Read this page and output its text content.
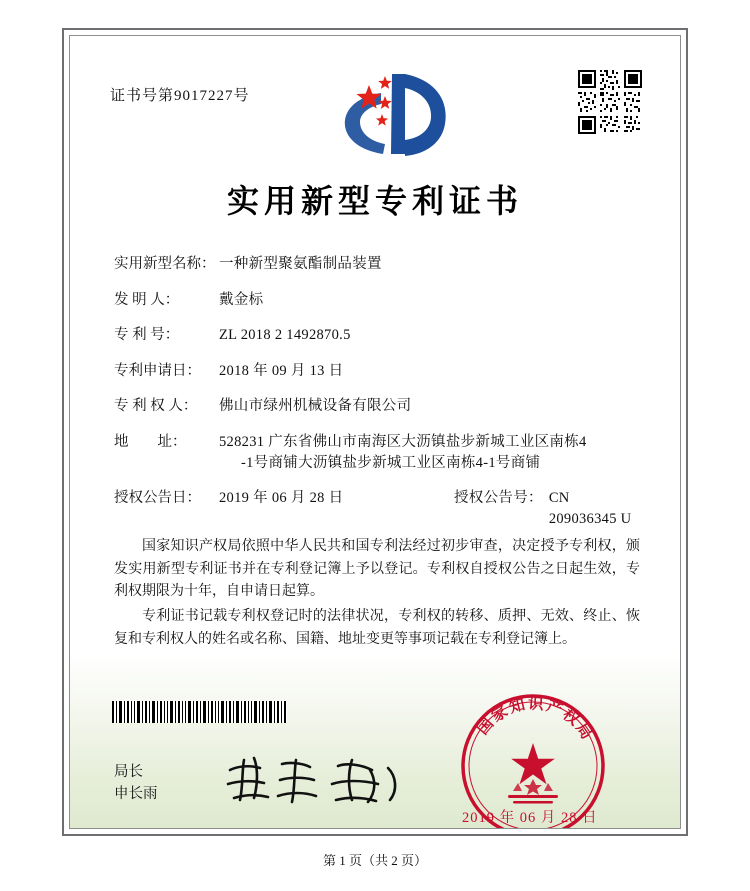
证书号第9017227号
实用新型专利证书
实用新型名称： 一种新型聚氨酯制品装置
发 明 人：	戴金标
专 利 号：	ZL 2018 2 1492870.5
专利申请日：	2018 年 09 月 13 日
专 利 权 人：	佛山市绿州机械设备有限公司
地        址：	528231 广东省佛山市南海区大沥镇盐步新城工业区南栋4
-1号商铺大沥镇盐步新城工业区南栋4-1号商铺
授权公告日：	2019 年 06 月 28 日	授权公告号： CN 209036345 U

国家知识产权局依照中华人民共和国专利法经过初步审查，决定授予专利权，颁发实用新型专利证书并在专利登记簿上予以登记。专利权自授权公告之日起生效，专利权期限为十年，自申请日起算。

专利证书记载专利权登记时的法律状况，专利权的转移、质押、无效、终止、恢复和专利权人的姓名或名称、国籍、地址变更等事项记载在专利登记簿上。

国家知识产权局
局长
申长雨
2019 年 06 月 28 日
第 1 页（共 2 页）
